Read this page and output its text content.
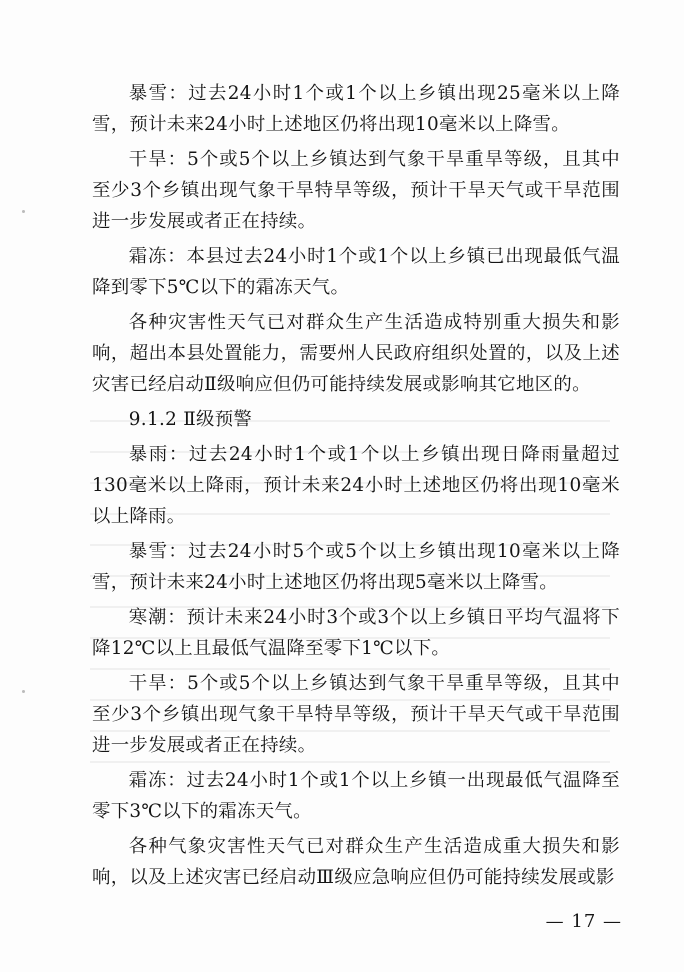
暴雪：过去24小时1个或1个以上乡镇出现25毫米以上降雪，预计未来24小时上述地区仍将出现10毫米以上降雪。

干旱：5个或5个以上乡镇达到气象干旱重旱等级，且其中至少3个乡镇出现气象干旱特旱等级，预计干旱天气或干旱范围进一步发展或者正在持续。

霜冻：本县过去24小时1个或1个以上乡镇已出现最低气温降到零下5℃以下的霜冻天气。

各种灾害性天气已对群众生产生活造成特别重大损失和影响，超出本县处置能力，需要州人民政府组织处置的，以及上述灾害已经启动Ⅱ级响应但仍可能持续发展或影响其它地区的。

9.1.2 Ⅱ级预警

暴雨：过去24小时1个或1个以上乡镇出现日降雨量超过130毫米以上降雨，预计未来24小时上述地区仍将出现10毫米以上降雨。

暴雪：过去24小时5个或5个以上乡镇出现10毫米以上降雪，预计未来24小时上述地区仍将出现5毫米以上降雪。

寒潮：预计未来24小时3个或3个以上乡镇日平均气温将下降12℃以上且最低气温降至零下1℃以下。

干旱：5个或5个以上乡镇达到气象干旱重旱等级，且其中至少3个乡镇出现气象干旱特旱等级，预计干旱天气或干旱范围进一步发展或者正在持续。

霜冻：过去24小时1个或1个以上乡镇一出现最低气温降至零下3℃以下的霜冻天气。

各种气象灾害性天气已对群众生产生活造成重大损失和影响，以及上述灾害已经启动Ⅲ级应急响应但仍可能持续发展或影

— 17 —
